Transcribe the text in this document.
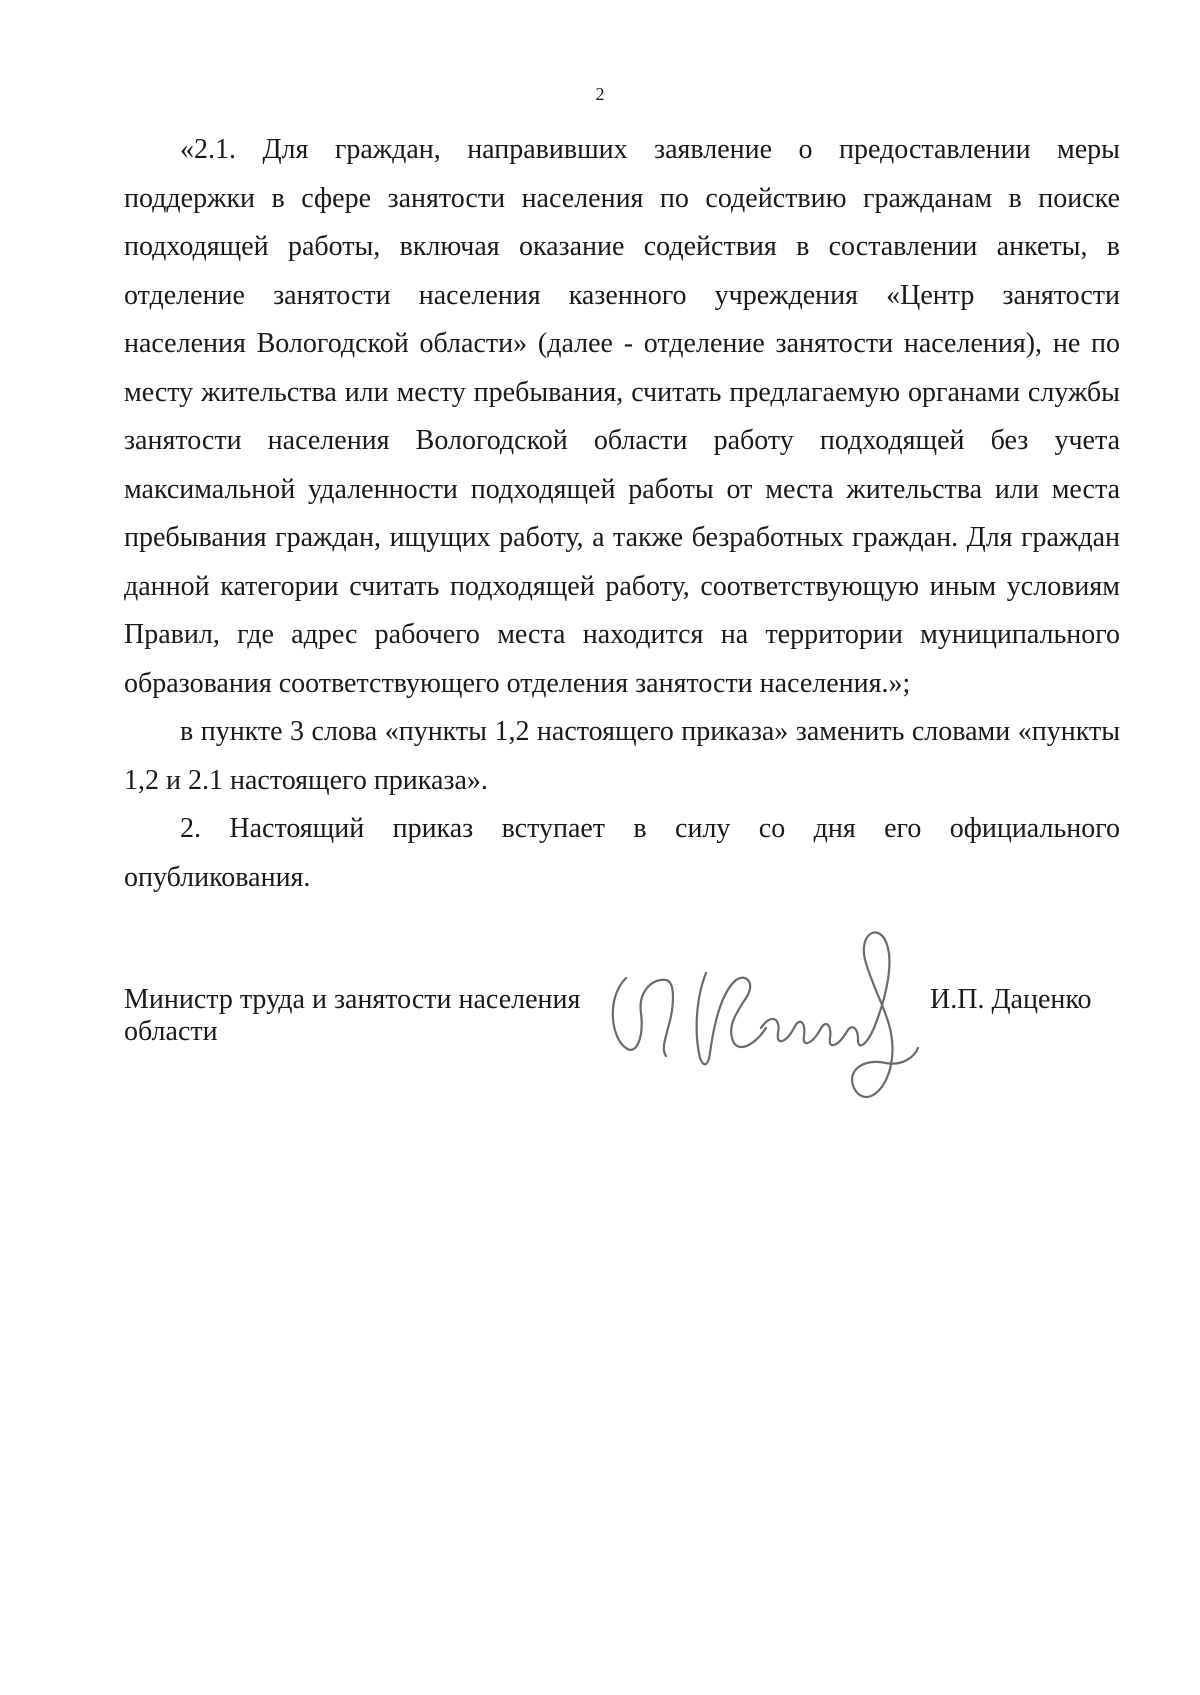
2

«2.1. Для граждан, направивших заявление о предоставлении меры поддержки в сфере занятости населения по содействию гражданам в поиске подходящей работы, включая оказание содействия в составлении анкеты, в отделение занятости населения казенного учреждения «Центр занятости населения Вологодской области» (далее - отделение занятости населения), не по месту жительства или месту пребывания, считать предлагаемую органами службы занятости населения Вологодской области работу подходящей без учета максимальной удаленности подходящей работы от места жительства или места пребывания граждан, ищущих работу, а также безработных граждан. Для граждан данной категории считать подходящей работу, соответствующую иным условиям Правил, где адрес рабочего места находится на территории муниципального образования соответствующего отделения занятости населения.»;

в пункте 3 слова «пункты 1,2 настоящего приказа» заменить словами «пункты 1,2 и 2.1 настоящего приказа».

2. Настоящий приказ вступает в силу со дня его официального опубликования.

Министр труда и занятости населения области
И.П. Даценко
